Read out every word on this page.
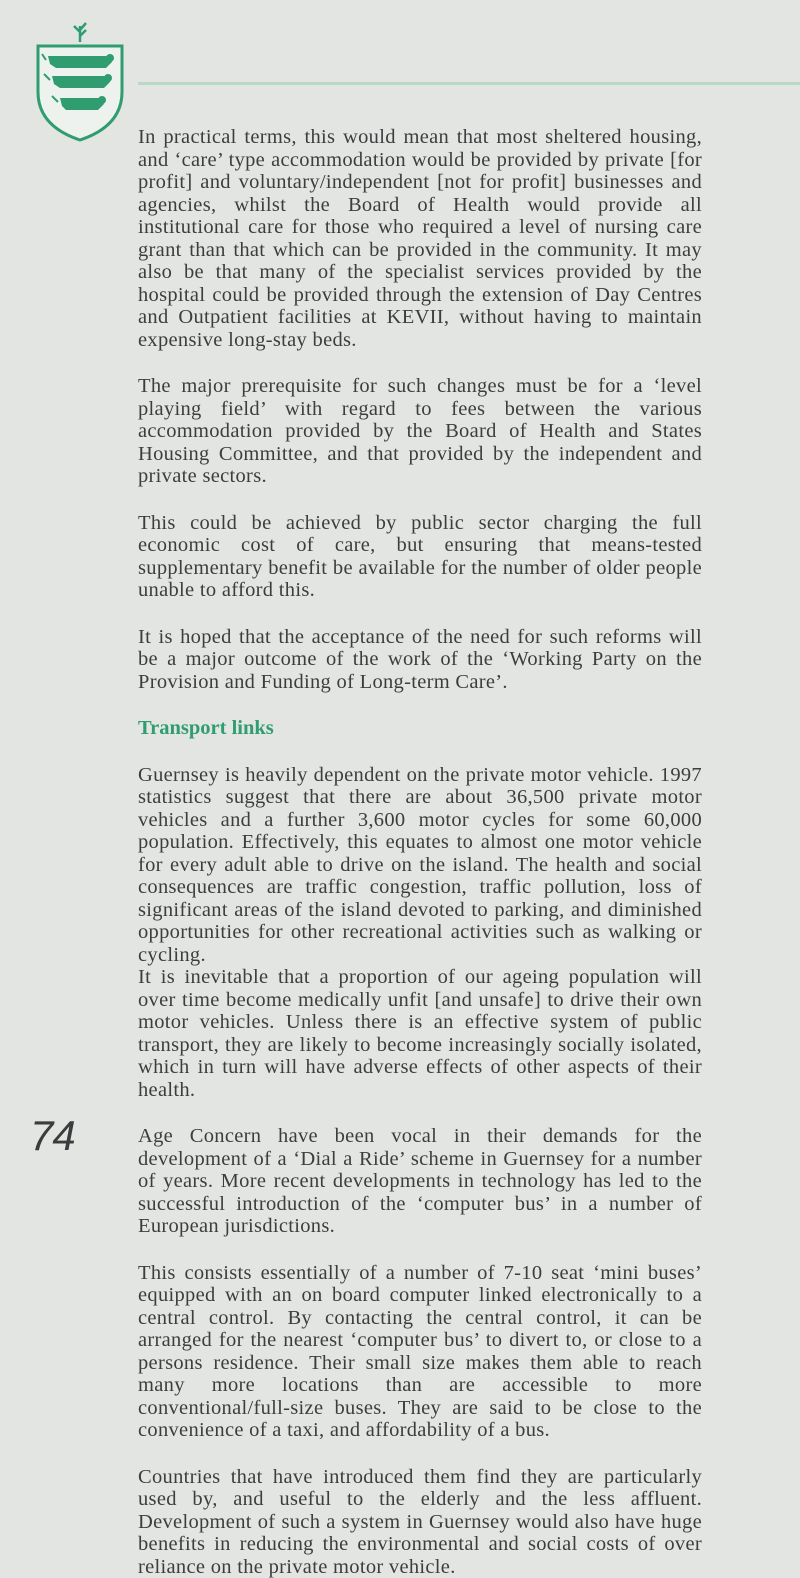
In practical terms, this would mean that most sheltered housing, and ‘care’ type accommodation would be provided by private [for profit] and voluntary/independent [not for profit] businesses and agencies, whilst the Board of Health would provide all institutional care for those who required a level of nursing care grant than that which can be provided in the community. It may also be that many of the specialist services provided by the hospital could be provided through the extension of Day Centres and Outpatient facilities at KEVII, without having to maintain expensive long-stay beds.

The major prerequisite for such changes must be for a ‘level playing field’ with regard to fees between the various accommodation provided by the Board of Health and States Housing Committee, and that provided by the independent and private sectors.

This could be achieved by public sector charging the full economic cost of care, but ensuring that means-tested supplementary benefit be available for the number of older people unable to afford this.

It is hoped that the acceptance of the need for such reforms will be a major outcome of the work of the ‘Working Party on the Provision and Funding of Long-term Care’.

Transport links

Guernsey is heavily dependent on the private motor vehicle. 1997 statistics suggest that there are about 36,500 private motor vehicles and a further 3,600 motor cycles for some 60,000 population. Effectively, this equates to almost one motor vehicle for every adult able to drive on the island. The health and social consequences are traffic congestion, traffic pollution, loss of significant areas of the island devoted to parking, and diminished opportunities for other recreational activities such as walking or cycling.

It is inevitable that a proportion of our ageing population will over time become medically unfit [and unsafe] to drive their own motor vehicles. Unless there is an effective system of public transport, they are likely to become increasingly socially isolated, which in turn will have adverse effects of other aspects of their health.

Age Concern have been vocal in their demands for the development of a ‘Dial a Ride’ scheme in Guernsey for a number of years. More recent developments in technology has led to the successful introduction of the ‘computer bus’ in a number of European jurisdictions.

This consists essentially of a number of 7-10 seat ‘mini buses’ equipped with an on board computer linked electronically to a central control. By contacting the central control, it can be arranged for the nearest ‘computer bus’ to divert to, or close to a persons residence. Their small size makes them able to reach many more locations than are accessible to more conventional/full-size buses. They are said to be close to the convenience of a taxi, and affordability of a bus.

Countries that have introduced them find they are particularly used by, and useful to the elderly and the less affluent. Development of such a system in Guernsey would also have huge benefits in reducing the environmental and social costs of over reliance on the private motor vehicle.

74
